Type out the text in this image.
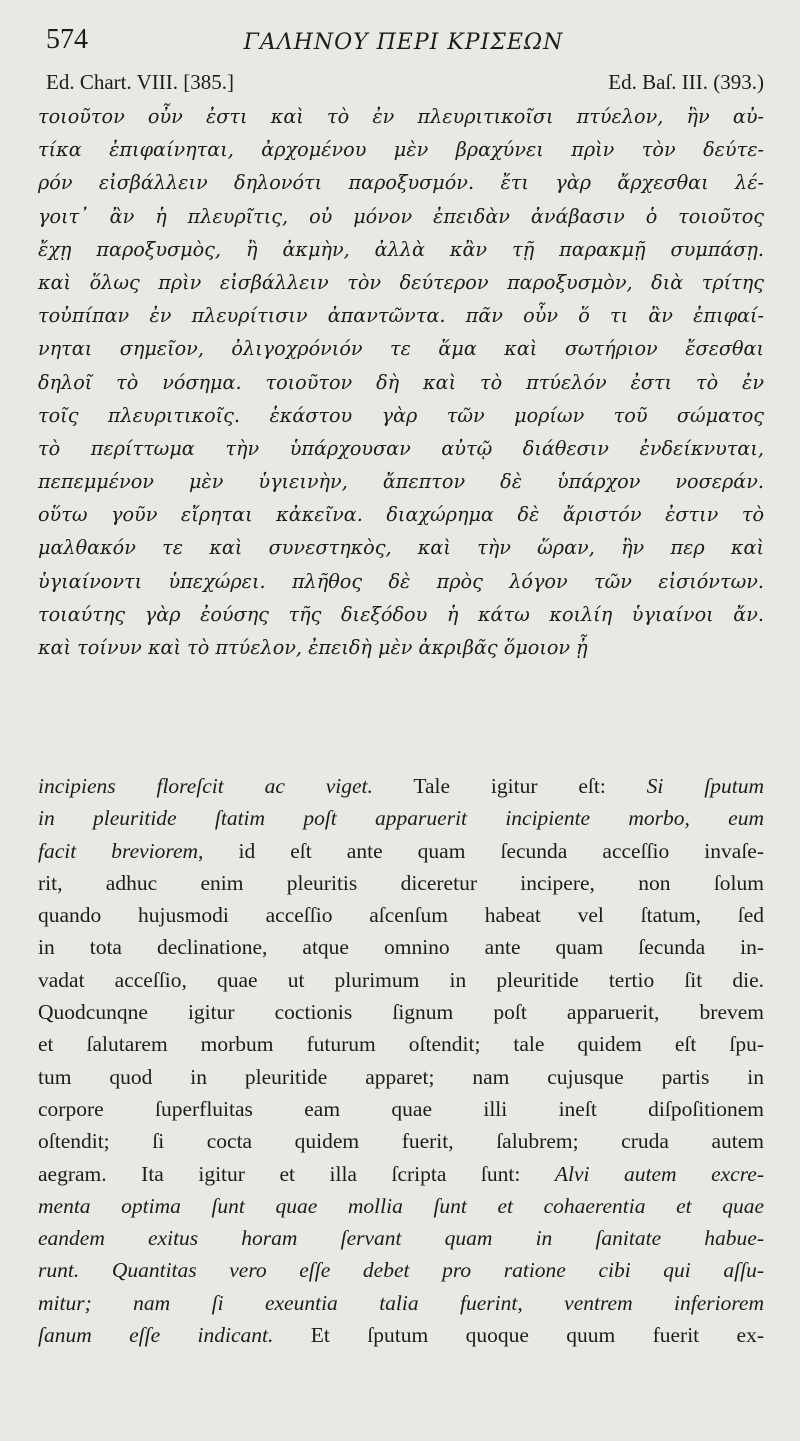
574	ΓΑΛΗΝΟΥ ΠΕΡΙ ΚΡΙΣΕΩΝ
Ed. Chart. VIII. [385.]	Ed. Baſ. III. (393.)
τοιοῦτον οὖν ἐστι καὶ τὸ ἐν πλευριτικοῖσι πτύελον, ἣν αὐ-
τίκα ἐπιφαίνηται, ἀρχομένου μὲν βραχύνει πρὶν τὸν δεύτε-
ρόν εἰσβάλλειν δηλονότι παροξυσμόν. ἔτι γὰρ ἄρχεσθαι λέ-
γοιτ᾽ ἂν ἡ πλευρῖτις, οὐ μόνον ἐπειδὰν ἀνάβασιν ὁ τοιοῦτος
ἔχῃ παροξυσμὸς, ἢ ἀκμὴν, ἀλλὰ κἂν τῇ παρακμῇ συμπάσῃ.
καὶ ὅλως πρὶν εἰσβάλλειν τὸν δεύτερον παροξυσμὸν, διὰ τρίτης
τοὐπίπαν ἐν πλευρίτισιν ἀπαντῶντα. πᾶν οὖν ὅ τι ἂν ἐπιφαί-
νηται σημεῖον, ὀλιγοχρόνιόν τε ἅμα καὶ σωτήριον ἔσεσθαι
δηλοῖ τὸ νόσημα. τοιοῦτον δὴ καὶ τὸ πτύελόν ἐστι τὸ ἐν
τοῖς πλευριτικοῖς. ἑκάστου γὰρ τῶν μορίων τοῦ σώματος
τὸ περίττωμα τὴν ὑπάρχουσαν αὐτῷ διάθεσιν ἐνδείκνυται,
πεπεμμένον μὲν ὑγιεινὴν, ἄπεπτον δὲ ὑπάρχον νοσεράν.
οὕτω γοῦν εἴρηται κἀκεῖνα. διαχώρημα δὲ ἄριστόν ἐστιν τὸ
μαλθακόν τε καὶ συνεστηκὸς, καὶ τὴν ὥραν, ἣν περ καὶ
ὑγιαίνοντι ὑπεχώρει. πλῆθος δὲ πρὸς λόγον τῶν εἰσιόντων.
τοιαύτης γὰρ ἐούσης τῆς διεξόδου ἡ κάτω κοιλίη ὑγιαίνοι ἄν.
καὶ τοίνυν καὶ τὸ πτύελον, ἐπειδὴ μὲν ἀκριβᾶς ὅμοιον ᾖ
incipiens floreſcit ac viget. Tale igitur eſt: Si ſputum
in pleuritide ſtatim poſt apparuerit incipiente morbo, eum
facit breviorem, id eſt ante quam ſecunda acceſſio invaſe-
rit, adhuc enim pleuritis diceretur incipere, non ſolum
quando hujusmodi acceſſio aſcenſum habeat vel ſtatum, ſed
in tota declinatione, atque omnino ante quam ſecunda in-
vadat acceſſio, quae ut plurimum in pleuritide tertio ſit die.
Quodcunqne igitur coctionis ſignum poſt apparuerit, brevem
et ſalutarem morbum futurum oſtendit; tale quidem eſt ſpu-
tum quod in pleuritide apparet; nam cujusque partis in
corpore ſuperfluitas eam quae illi ineſt diſpoſitionem
oſtendit; ſi cocta quidem fuerit, ſalubrem; cruda autem
aegram. Ita igitur et illa ſcripta ſunt: Alvi autem excre-
menta optima ſunt quae mollia ſunt et cohaerentia et quae
eandem exitus horam ſervant quam in ſanitate habue-
runt. Quantitas vero eſſe debet pro ratione cibi qui aſſu-
mitur; nam ſi exeuntia talia fuerint, ventrem inferiorem
ſanum eſſe indicant. Et ſputum quoque quum fuerit ex-
